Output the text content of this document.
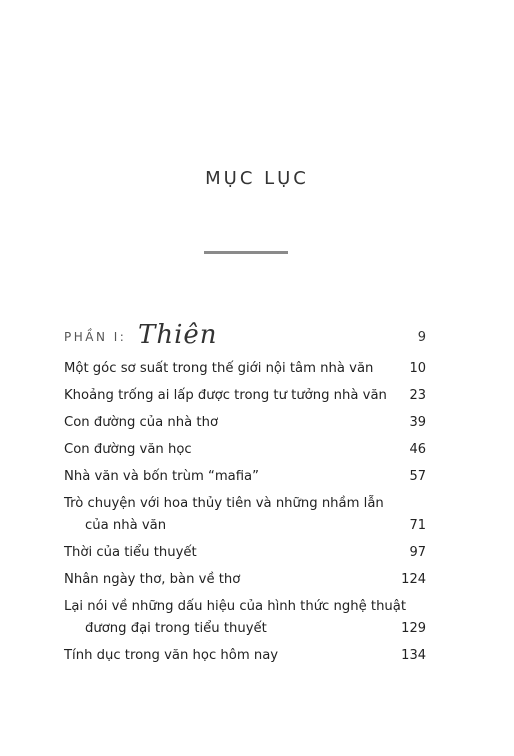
MỤC LỤC
PHẦN I: Thiên	9
Một góc sơ suất trong thế giới nội tâm nhà văn	10
Khoảng trống ai lấp được trong tư tưởng nhà văn	23
Con đường của nhà thơ	39
Con đường văn học	46
Nhà văn và bốn trùm “mafia”	57
Trò chuyện với hoa thủy tiên và những nhầm lẫn
của nhà văn	71
Thời của tiểu thuyết	97
Nhân ngày thơ, bàn về thơ	124
Lại nói về những dấu hiệu của hình thức nghệ thuật
đương đại trong tiểu thuyết	129
Tính dục trong văn học hôm nay	134
